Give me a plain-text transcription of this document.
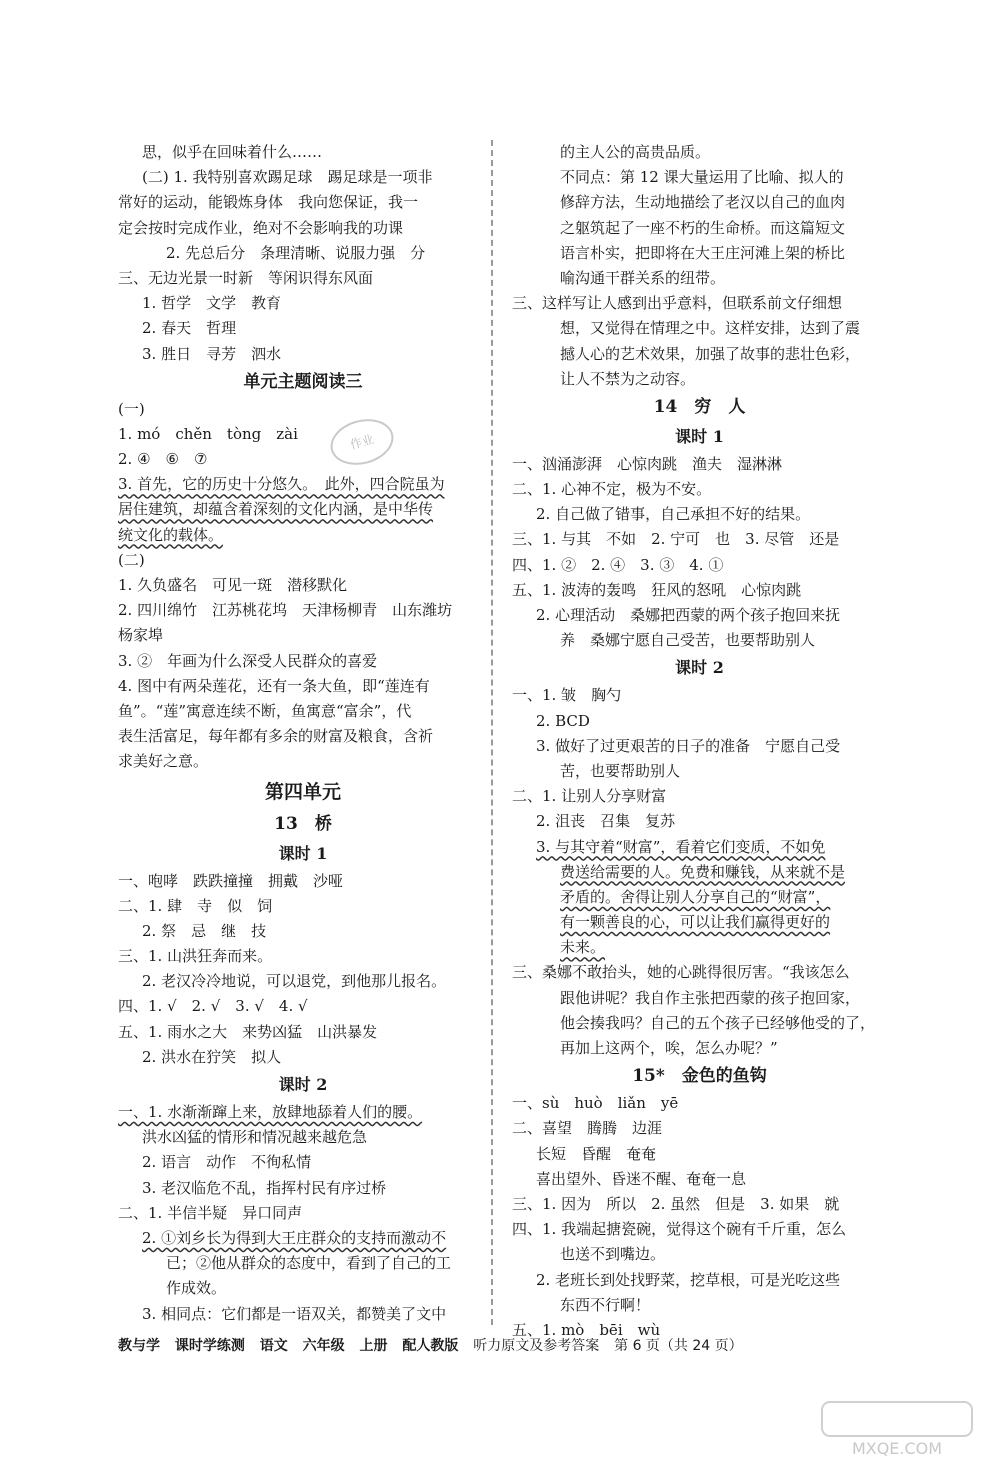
思，似乎在回味着什么……
(二) 1. 我特别喜欢踢足球　踢足球是一项非
常好的运动，能锻炼身体　我向您保证，我一
定会按时完成作业，绝对不会影响我的功课
2. 先总后分　条理清晰、说服力强　分
三、无边光景一时新　等闲识得东风面
1. 哲学　文学　教育
2. 春天　哲理
3. 胜日　寻芳　泗水
单元主题阅读三
(一)
1. mó　chěn　tòng　zài
2. ④　⑥　⑦
3. 首先，它的历史十分悠久。　此外，四合院虽为
居住建筑，却蕴含着深刻的文化内涵，是中华传
统文化的载体。
(二)
1. 久负盛名　可见一斑　潜移默化
2. 四川绵竹　江苏桃花坞　天津杨柳青　山东潍坊
杨家埠
3. ②　年画为什么深受人民群众的喜爱
4. 图中有两朵莲花，还有一条大鱼，即“莲连有
鱼”。“莲”寓意连续不断，鱼寓意“富余”，代
表生活富足，每年都有多余的财富及粮食，含祈
求美好之意。
第四单元
13　桥
课时 1
一、咆哮　跌跌撞撞　拥戴　沙哑
二、1. 肆　寺　似　饲
2. 祭　忌　继　技
三、1. 山洪狂奔而来。
2. 老汉冷冷地说，可以退党，到他那儿报名。
四、1. √　2. √　3. √　4. √
五、1. 雨水之大　来势凶猛　山洪暴发
2. 洪水在狞笑　拟人
课时 2
一、1. 水渐渐蹿上来，放肆地舔着人们的腰。
洪水凶猛的情形和情况越来越危急
2. 语言　动作　不徇私情
3. 老汉临危不乱，指挥村民有序过桥
二、1. 半信半疑　异口同声
2. ①刘乡长为得到大王庄群众的支持而激动不
已；②他从群众的态度中，看到了自己的工
作成效。
3. 相同点：它们都是一语双关，都赞美了文中
的主人公的高贵品质。
不同点：第 12 课大量运用了比喻、拟人的
修辞方法，生动地描绘了老汉以自己的血肉
之躯筑起了一座不朽的生命桥。而这篇短文
语言朴实，把即将在大王庄河滩上架的桥比
喻沟通干群关系的纽带。
三、这样写让人感到出乎意料，但联系前文仔细想
想，又觉得在情理之中。这样安排，达到了震
撼人心的艺术效果，加强了故事的悲壮色彩，
让人不禁为之动容。
14　穷　人
课时 1
一、汹涌澎湃　心惊肉跳　渔夫　湿淋淋
二、1. 心神不定，极为不安。
2. 自己做了错事，自己承担不好的结果。
三、1. 与其　不如　2. 宁可　也　3. 尽管　还是
四、1. ②　2. ④　3. ③　4. ①
五、1. 波涛的轰鸣　狂风的怒吼　心惊肉跳
2. 心理活动　桑娜把西蒙的两个孩子抱回来抚
养　桑娜宁愿自己受苦，也要帮助别人
课时 2
一、1. 皱　胸勺
2. BCD
3. 做好了过更艰苦的日子的准备　宁愿自己受
苦，也要帮助别人
二、1. 让别人分享财富
2. 沮丧　召集　复苏
3. 与其守着“财富”，看着它们变质，不如免
费送给需要的人。免费和赚钱，从来就不是
矛盾的。舍得让别人分享自己的“财富”，
有一颗善良的心，可以让我们赢得更好的
未来。
三、桑娜不敢抬头，她的心跳得很厉害。“我该怎么
跟他讲呢？我自作主张把西蒙的孩子抱回家，
他会揍我吗？自己的五个孩子已经够他受的了，
再加上这两个，唉，怎么办呢？”
15*　金色的鱼钩
一、sù　huò　liǎn　yē
二、喜望　腾腾　边涯
长短　昏醒　奄奄
喜出望外、昏迷不醒、奄奄一息
三、1. 因为　所以　2. 虽然　但是　3. 如果　就
四、1. 我端起搪瓷碗，觉得这个碗有千斤重，怎么
也送不到嘴边。
2. 老班长到处找野菜，挖草根，可是光吃这些
东西不行啊！
五、1. mò　bēi　wù
作业
教与学 课时学练测 语文 六年级 上册 配人教版 听力原文及参考答案 第 6 页（共 24 页）
MXQE.COM
